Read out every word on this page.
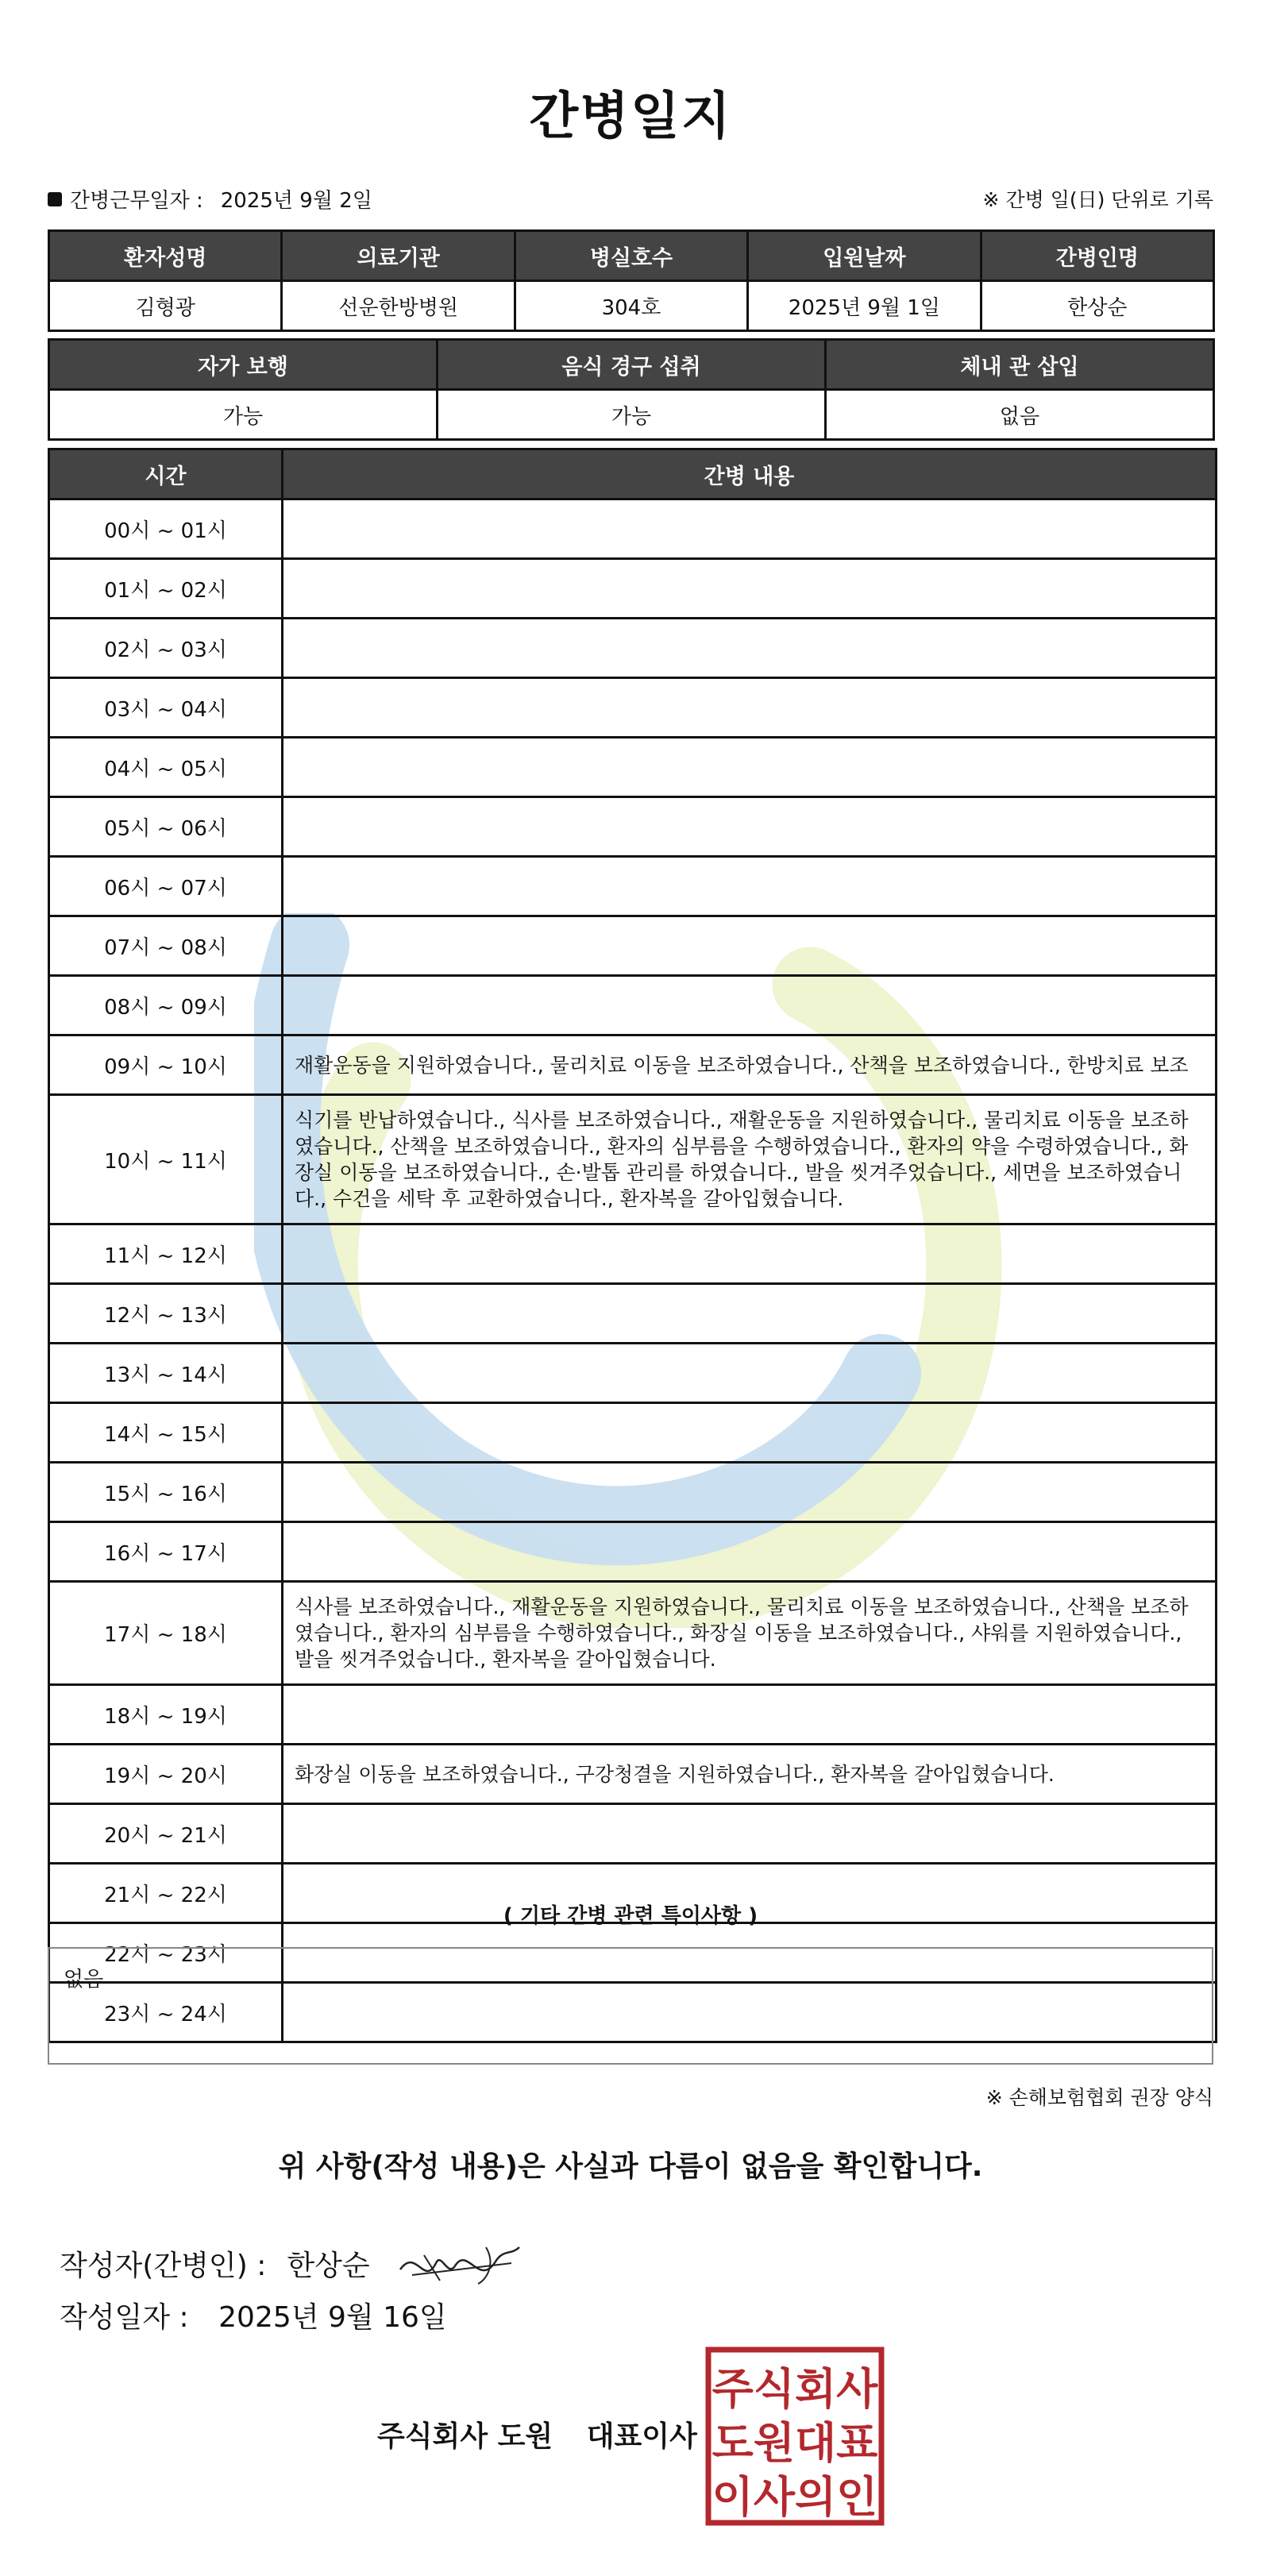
간병일지
간병근무일자 : 2025년 9월 2일	※ 간병 일(日) 단위로 기록
환자성명	의료기관	병실호수	입원날짜	간병인명
김형광	선운한방병원	304호	2025년 9월 1일	한상순
자가 보행	음식 경구 섭취	체내 관 삽입
가능	가능	없음
시간	간병 내용
00시 ~ 01시	
01시 ~ 02시	
02시 ~ 03시	
03시 ~ 04시	
04시 ~ 05시	
05시 ~ 06시	
06시 ~ 07시	
07시 ~ 08시	
08시 ~ 09시	
09시 ~ 10시	재활운동을 지원하였습니다., 물리치료 이동을 보조하였습니다., 산책을 보조하였습니다., 한방치료 보조
10시 ~ 11시	식기를 반납하였습니다., 식사를 보조하였습니다., 재활운동을 지원하였습니다., 물리치료 이동을 보조하였습니다., 산책을 보조하였습니다., 환자의 심부름을 수행하였습니다., 환자의 약을 수령하였습니다., 화장실 이동을 보조하였습니다., 손·발톱 관리를 하였습니다., 발을 씻겨주었습니다., 세면을 보조하였습니다., 수건을 세탁 후 교환하였습니다., 환자복을 갈아입혔습니다.
11시 ~ 12시	
12시 ~ 13시	
13시 ~ 14시	
14시 ~ 15시	
15시 ~ 16시	
16시 ~ 17시	
17시 ~ 18시	식사를 보조하였습니다., 재활운동을 지원하였습니다., 물리치료 이동을 보조하였습니다., 산책을 보조하였습니다., 환자의 심부름을 수행하였습니다., 화장실 이동을 보조하였습니다., 샤워를 지원하였습니다., 발을 씻겨주었습니다., 환자복을 갈아입혔습니다.
18시 ~ 19시	
19시 ~ 20시	화장실 이동을 보조하였습니다., 구강청결을 지원하였습니다., 환자복을 갈아입혔습니다.
20시 ~ 21시	
21시 ~ 22시	
22시 ~ 23시	
23시 ~ 24시	
( 기타 간병 관련 특이사항 )
없음
※ 손해보험협회 권장 양식
위 사항(작성 내용)은 사실과 다름이 없음을 확인합니다.
작성자(간병인) : 한상순
작성일자 : 2025년 9월 16일
주식회사 도원 대표이사
주식회사
도원대표
이사의인
